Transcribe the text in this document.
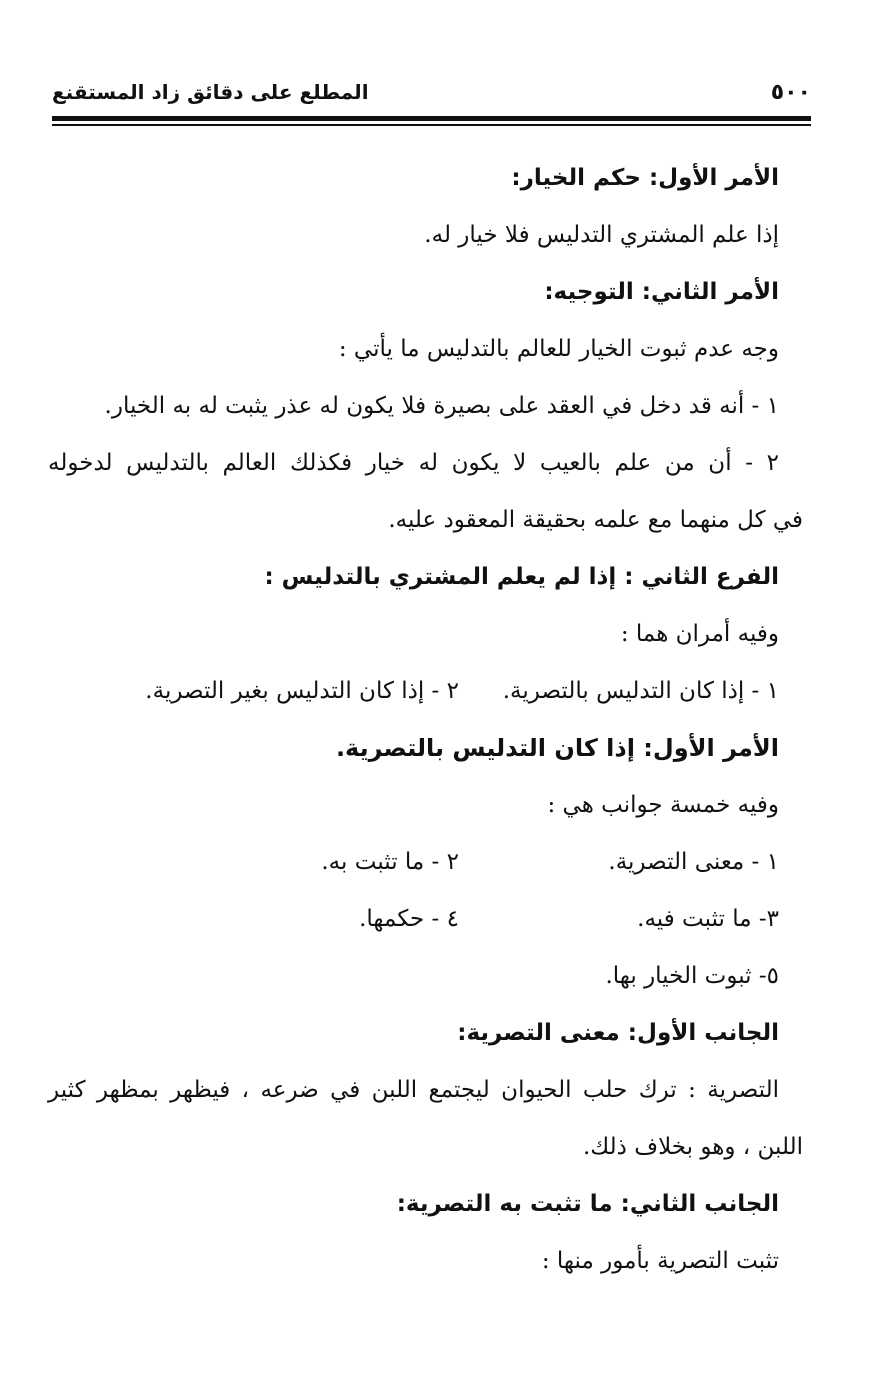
٥٠٠
المطلع على دقائق زاد المستقنع
الأمر الأول: حكم الخيار:
إذا علم المشتري التدليس فلا خيار له.
الأمر الثاني: التوجيه:
وجه عدم ثبوت الخيار للعالم بالتدليس ما يأتي :
١ - أنه قد دخل في العقد على بصيرة فلا يكون له عذر يثبت له به الخيار.
٢ - أن من علم بالعيب لا يكون له خيار فكذلك العالم بالتدليس لدخوله
في كل منهما مع علمه بحقيقة المعقود عليه.
الفرع الثاني : إذا لم يعلم المشتري بالتدليس :
وفيه أمران هما :
١ - إذا كان التدليس بالتصرية.
٢ - إذا كان التدليس بغير التصرية.
الأمر الأول: إذا كان التدليس بالتصرية.
وفيه خمسة جوانب هي :
١ - معنى التصرية.
٢ - ما تثبت به.
٣- ما تثبت فيه.
٤ - حكمها.
٥- ثبوت الخيار بها.
الجانب الأول: معنى التصرية:
التصرية : ترك حلب الحيوان ليجتمع اللبن في ضرعه ، فيظهر بمظهر كثير
اللبن ، وهو بخلاف ذلك.
الجانب الثاني: ما تثبت به التصرية:
تثبت التصرية بأمور منها :
